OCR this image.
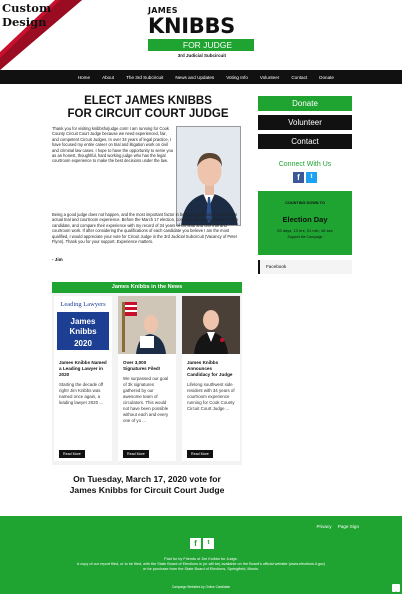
Custom
Design
JAMES
KNIBBS
FOR JUDGE
3rd Judicial Subcircuit
Home	About	The 3rd Subcircuit	News and Updates	Voting Info	Volunteer	Contact	Donate
ELECT JAMES KNIBBS
FOR CIRCUIT COURT JUDGE
Thank you for visiting knibbsforjudge.com! I am running for Cook County Circuit Court Judge because we need experienced, fair, and competent Circuit Judges. In over 34 years of legal practice, I have focused my entire career on trial and litigation work on civil and criminal law cases. I hope to have the opportunity to serve you as an honest, thoughtful, hard working judge who has the legal courtroom experience to make the best decisions under the law.
Being a good judge does not happen, and the most important factor in being a good judge comes from actual trial and courtroom experience. Before the March 17 election, consider the qualifications of each candidate, and compare their experience with my record of 34 years of criminal and civil trial and courtroom work. If after considering the qualifications of each candidate you believe I am the most qualified, I would appreciate your vote for Circuit Judge in the 3rd Judicial Subcircuit (Vacancy of Peter Flynn). Thank you for your support. Experience matters.
- Jim
Donate
Volunteer
Contact
Connect With Us
f	t
COUNTING DOWN TO
Election Day
53 days, 13 hrs, 31 min, 46 sec
Support the Campaign
Facebook
James Knibbs in the News
Leading Lawyers
James
Knibbs
2020
James Knibbs Named a Leading Lawyer in 2020
Starting the decade off right! Jim Knibbs was named once again, a leading lawyer 2020 ...
Read More
Over 3,000 Signatures Filed!
We surpassed our goal of 3k signatures gathered by our awesome team of circulators. This would not have been possible without each and every one of yo ...
Read More
James Knibbs Announces Candidacy for Judge
Lifelong southwest side resident with 34 years of courtroom experience running for Cook County Circuit Court Judge ...
Read More
On Tuesday, March 17, 2020 vote for
James Knibbs for Circuit Court Judge
Privacy Page Sign
f	t
Paid for by Friends of Jim Knibbs for Judge.
A copy of our report filed, or to be filed, with the State Board of Elections is (or will be) available on the Board's official website (www.elections.il.gov)
or for purchase from the State Board of Elections, Springfield, Illinois.
Campaign Websites by Online Candidate
